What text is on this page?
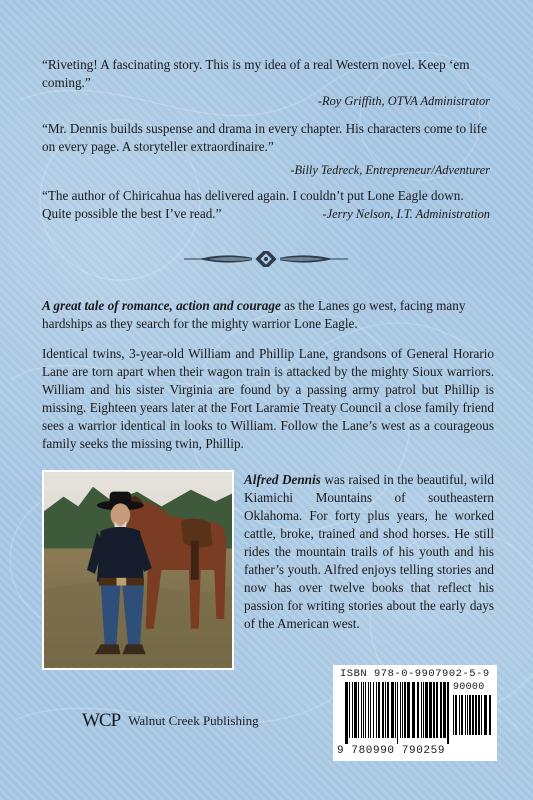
“Riveting! A fascinating story. This is my idea of a real Western novel. Keep ‘em coming.”
-Roy Griffith, OTVA Administrator
“Mr. Dennis builds suspense and drama in every chapter. His characters come to life on every page. A storyteller extraordinaire.”
-Billy Tedreck, Entrepreneur/Adventurer
“The author of Chiricahua has delivered again. I couldn’t put Lone Eagle down. Quite possible the best I’ve read.”	-Jerry Nelson, I.T. Administration
A great tale of romance, action and courage as the Lanes go west, facing many hardships as they search for the mighty warrior Lone Eagle.
Identical twins, 3-year-old William and Phillip Lane, grandsons of General Horario Lane are torn apart when their wagon train is attacked by the mighty Sioux warriors. William and his sister Virginia are found by a passing army patrol but Phillip is missing. Eighteen years later at the Fort Laramie Treaty Council a close family friend sees a warrior identical in looks to William. Follow the Lane’s west as a courageous family seeks the missing twin, Phillip.
Alfred Dennis was raised in the beautiful, wild Kiamichi Mountains of southeastern Oklahoma. For forty plus years, he worked cattle, broke, trained and shod horses. He still rides the mountain trails of his youth and his father’s youth. Alfred enjoys telling stories and now has over twelve books that reflect his passion for writing stories about the early days of the American west.
WCP Walnut Creek Publishing
ISBN 978-0-9907902-5-9
90000
9 780990 790259
